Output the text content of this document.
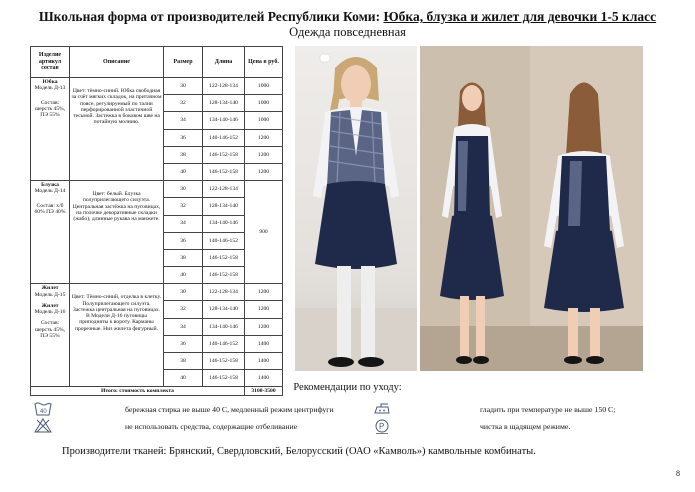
Школьная форма от производителей Республики Коми: Юбка, блузка и жилет для девочки 1-5 класс
Одежда повседневная
Изделие артикул состав	Описание	Размер	Длина	Цена в руб.

Юбка
Модель Д-13
Состав: шерсть 45%, ПЭ 55%	Цвет: тёмно-синий. Юбка свободная за счёт мягких складок, на притачном поясе, регулируемый по талии перфорированной эластичной тесьмой. Застежка в боковом шве на потайную молнию.	30	122-128-134	1000
		32	128-134-140	1000
		34	134-140-146	1000
		36	140-146-152	1200
		38	146-152-158	1200
		40	146-152-158	1200

Блузка
Модель Д-14
Состав: х/б 60% ПЭ 40%	Цвет: белый. Блузка полуприлегающего силуэта. Центральная застёжка на пуговицах, на полочке декоративные складки (жабо), длинные рукава на манжете.	30	122-128-134	900
		32	128-134-140	
		34	134-140-146	
		36	140-146-152	
		38	146-152-158	
		40	146-152-158	

Жилет
Модель Д-15
Жилет
Модель Д-16
Состав: шерсть 45%, ПЭ 55%	Цвет: Тёмно-синий, отделка в клетку. Полуприлегающего силуэта. Застежка центральная на пуговицах. В Модели Д-16 пуговицы приподняты к вороту. Карманы прорезные. Низ жилета фигурный.	30	122-128-134	1200
		32	128-134-140	1200
		34	134-140-146	1200
		36	140-146-152	1400
		38	146-152-158	1400
		40	146-152-158	1400
Итого: стоимость комплекта				3100-3500	Рекомендации по уходу:
40	бережная стирка не выше 40 С, медленный режим центрифуги
не использовать средства, содержащие отбеливание
гладить при температуре не выше 150 С;
P	чистка в щадящем режиме.
Производители тканей: Брянский, Свердловский, Белорусский (ОАО «Камволь») камвольные комбинаты.
8
